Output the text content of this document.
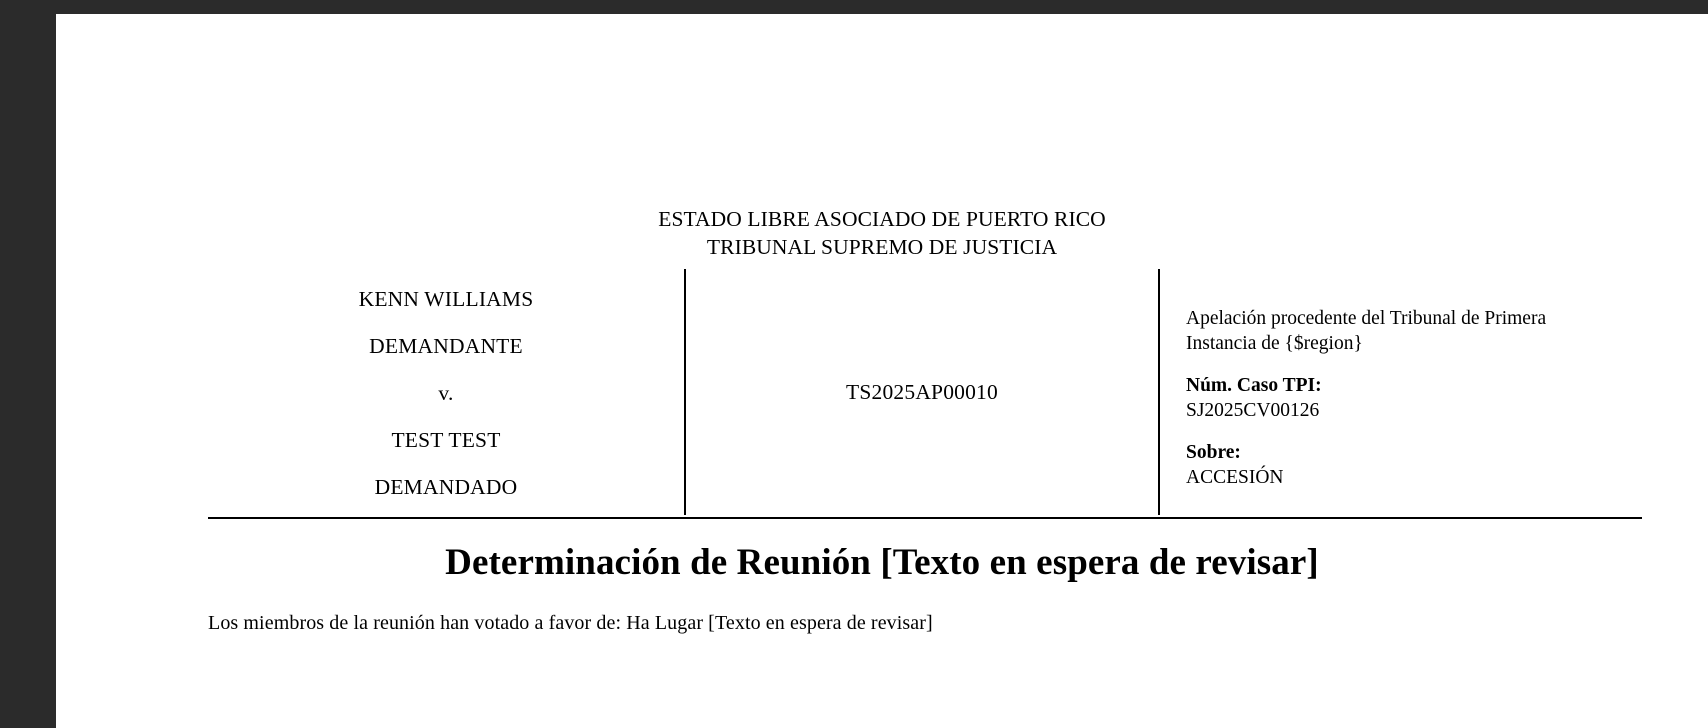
ESTADO LIBRE ASOCIADO DE PUERTO RICO
TRIBUNAL SUPREMO DE JUSTICIA
KENN WILLIAMS
DEMANDANTE
v.
TEST TEST
DEMANDADO
TS2025AP00010
Apelación procedente del Tribunal de Primera
Instancia de {$region}
Núm. Caso TPI:
SJ2025CV00126
Sobre:
ACCESIÓN
Determinación de Reunión [Texto en espera de revisar]
Los miembros de la reunión han votado a favor de: Ha Lugar [Texto en espera de revisar]
